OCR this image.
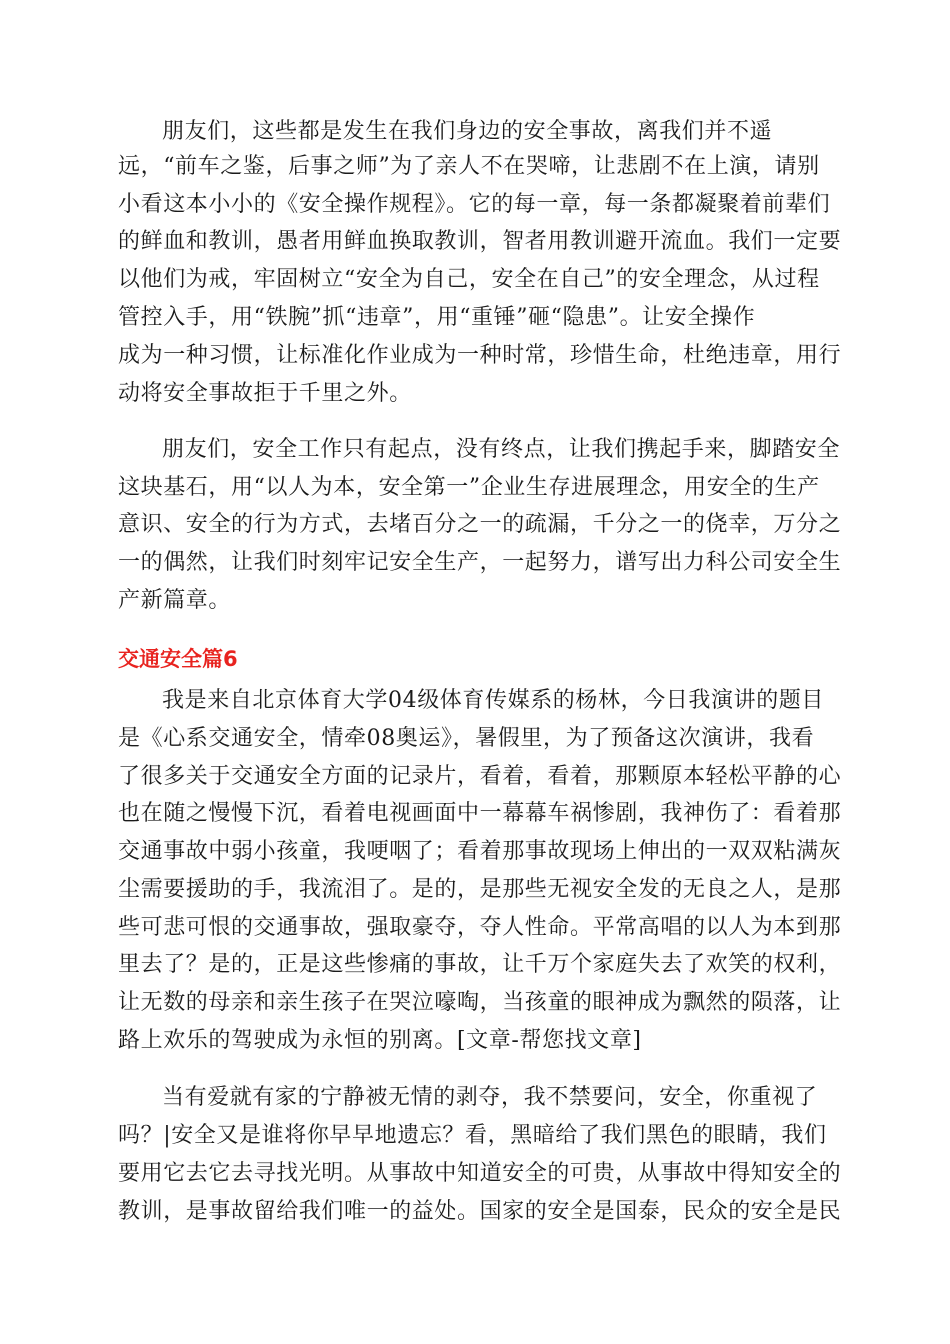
朋友们，这些都是发生在我们身边的安全事故，离我们并不遥
远，“前车之鉴，后事之师”为了亲人不在哭啼，让悲剧不在上演，请别
小看这本小小的《安全操作规程》。它的每一章，每一条都凝聚着前辈们
的鲜血和教训，愚者用鲜血换取教训，智者用教训避开流血。我们一定要
以他们为戒，牢固树立“安全为自己，安全在自己”的安全理念，从过程
管控入手，用“铁腕”抓“违章”，用“重锤”砸“隐患”。让安全操作
成为一种习惯，让标准化作业成为一种时常，珍惜生命，杜绝违章，用行
动将安全事故拒于千里之外。
朋友们，安全工作只有起点，没有终点，让我们携起手来，脚踏安全
这块基石，用“以人为本，安全第一”企业生存进展理念，用安全的生产
意识、安全的行为方式，去堵百分之一的疏漏，千分之一的侥幸，万分之
一的偶然，让我们时刻牢记安全生产，一起努力，谱写出力科公司安全生
产新篇章。
交通安全篇6
我是来自北京体育大学04级体育传媒系的杨林，今日我演讲的题目
是《心系交通安全，情牵08奥运》，暑假里，为了预备这次演讲，我看
了很多关于交通安全方面的记录片，看着，看着，那颗原本轻松平静的心
也在随之慢慢下沉，看着电视画面中一幕幕车祸惨剧，我神伤了：看着那
交通事故中弱小孩童，我哽咽了；看着那事故现场上伸出的一双双粘满灰
尘需要援助的手，我流泪了。是的，是那些无视安全发的无良之人，是那
些可悲可恨的交通事故，强取豪夺，夺人性命。平常高唱的以人为本到那
里去了？是的，正是这些惨痛的事故，让千万个家庭失去了欢笑的权利，
让无数的母亲和亲生孩子在哭泣嚎啕，当孩童的眼神成为飘然的陨落，让
路上欢乐的驾驶成为永恒的别离。[文章-帮您找文章]
当有爱就有家的宁静被无情的剥夺，我不禁要问，安全，你重视了
吗？|安全又是谁将你早早地遗忘？看，黑暗给了我们黑色的眼睛，我们
要用它去它去寻找光明。从事故中知道安全的可贵，从事故中得知安全的
教训，是事故留给我们唯一的益处。国家的安全是国泰，民众的安全是民
